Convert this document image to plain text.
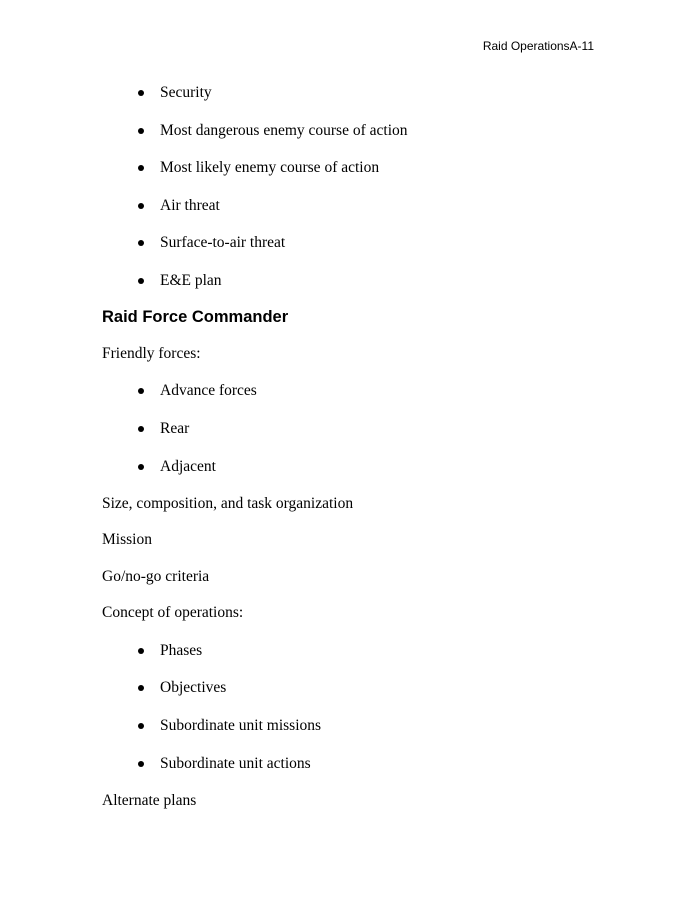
Raid OperationsA-11
Security
Most dangerous enemy course of action
Most likely enemy course of action
Air threat
Surface-to-air threat
E&E plan
Raid Force Commander
Friendly forces:
Advance forces
Rear
Adjacent
Size, composition, and task organization
Mission
Go/no-go criteria
Concept of operations:
Phases
Objectives
Subordinate unit missions
Subordinate unit actions
Alternate plans
